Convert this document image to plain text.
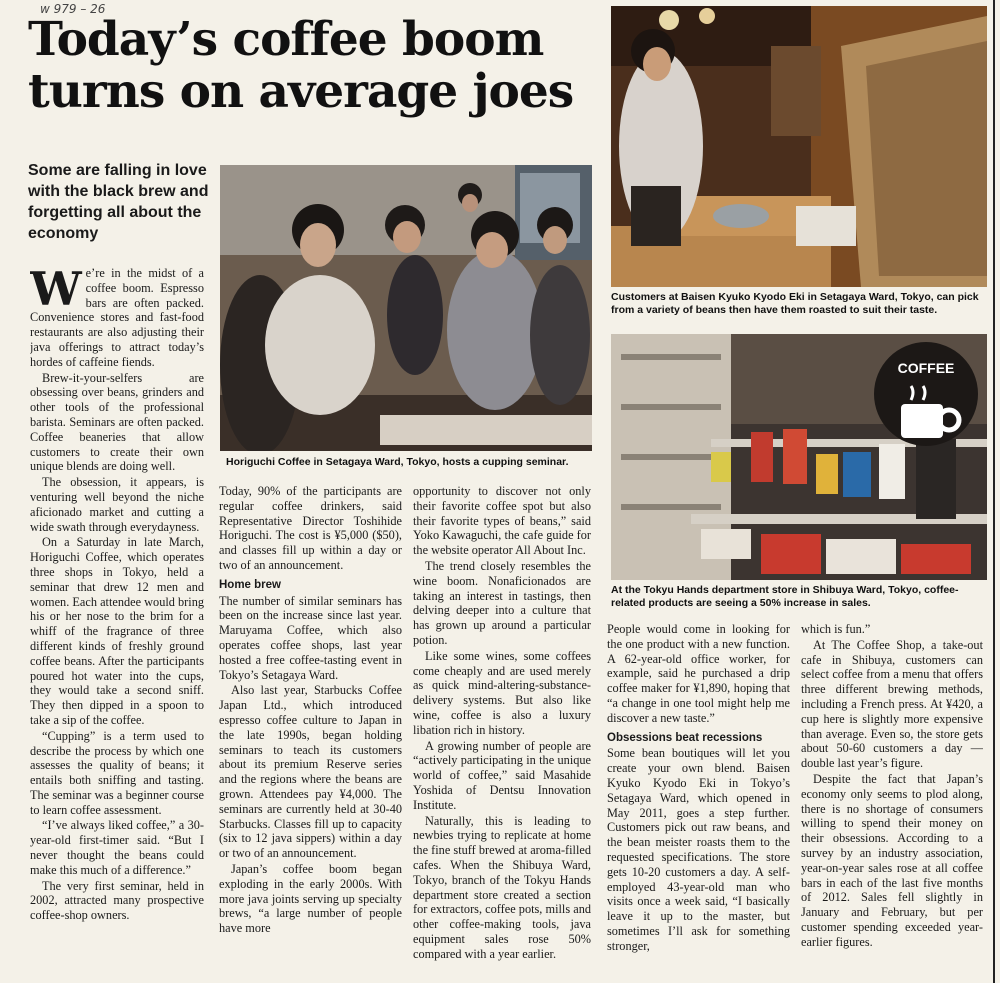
w 979 – 26
Today’s coffee boom turns on average joes
Some are falling in love with the black brew and forgetting all about the economy
Horiguchi Coffee in Setagaya Ward, Tokyo, hosts a cupping seminar.
Customers at Baisen Kyuko Kyodo Eki in Setagaya Ward, Tokyo, can pick from a variety of beans then have them roasted to suit their taste.
COFFEE
At the Tokyu Hands department store in Shibuya Ward, Tokyo, coffee-related products are seeing a 50% increase in sales.

We’re in the midst of a coffee boom. Espresso bars are often packed. Convenience stores and fast-food restaurants are also adjusting their java offerings to attract today’s hordes of caffeine fiends.

Brew-it-your-selfers are obsessing over beans, grinders and other tools of the professional barista. Seminars are often packed. Coffee beaneries that allow customers to create their own unique blends are doing well.

The obsession, it appears, is venturing well beyond the niche aficionado market and cutting a wide swath through everydayness.

On a Saturday in late March, Horiguchi Coffee, which operates three shops in Tokyo, held a seminar that drew 12 men and women. Each attendee would bring his or her nose to the brim for a whiff of the fragrance of three different kinds of freshly ground coffee beans. After the participants poured hot water into the cups, they would take a second sniff. They then dipped in a spoon to take a sip of the coffee.

“Cupping” is a term used to describe the process by which one assesses the quality of beans; it entails both sniffing and tasting. The seminar was a beginner course to learn coffee assessment.

“I’ve always liked coffee,” a 30-year-old first-timer said. “But I never thought the beans could make this much of a difference.”

The very first seminar, held in 2002, attracted many prospective coffee-shop owners.

Today, 90% of the participants are regular coffee drinkers, said Representative Director Toshihide Horiguchi. The cost is ¥5,000 ($50), and classes fill up within a day or two of an announcement.

Home brew

The number of similar seminars has been on the increase since last year. Maruyama Coffee, which also operates coffee shops, last year hosted a free coffee-tasting event in Tokyo’s Setagaya Ward.

Also last year, Starbucks Coffee Japan Ltd., which introduced espresso coffee culture to Japan in the late 1990s, began holding seminars to teach its customers about its premium Reserve series and the regions where the beans are grown. Attendees pay ¥4,000. The seminars are currently held at 30-40 Starbucks. Classes fill up to capacity (six to 12 java sippers) within a day or two of an announcement.

Japan’s coffee boom began exploding in the early 2000s. With more java joints serving up specialty brews, “a large number of people have more

opportunity to discover not only their favorite coffee spot but also their favorite types of beans,” said Yoko Kawaguchi, the cafe guide for the website operator All About Inc.

The trend closely resembles the wine boom. Nonaficionados are taking an interest in tastings, then delving deeper into a culture that has grown up around a particular potion.

Like some wines, some coffees come cheaply and are used merely as quick mind-altering-substance-delivery systems. But also like wine, coffee is also a luxury libation rich in history.

A growing number of people are “actively participating in the unique world of coffee,” said Masahide Yoshida of Dentsu Innovation Institute.

Naturally, this is leading to newbies trying to replicate at home the fine stuff brewed at aroma-filled cafes. When the Shibuya Ward, Tokyo, branch of the Tokyu Hands department store created a section for extractors, coffee pots, mills and other coffee-making tools, java equipment sales rose 50% compared with a year earlier.

People would come in looking for the one product with a new function. A 62-year-old office worker, for example, said he purchased a drip coffee maker for ¥1,890, hoping that “a change in one tool might help me discover a new taste.”

Obsessions beat recessions

Some bean boutiques will let you create your own blend. Baisen Kyuko Kyodo Eki in Tokyo’s Setagaya Ward, which opened in May 2011, goes a step further. Customers pick out raw beans, and the bean meister roasts them to the requested specifications. The store gets 10-20 customers a day. A self-employed 43-year-old man who visits once a week said, “I basically leave it up to the master, but sometimes I’ll ask for something stronger,

which is fun.”

At The Coffee Shop, a take-out cafe in Shibuya, customers can select coffee from a menu that offers three different brewing methods, including a French press. At ¥420, a cup here is slightly more expensive than average. Even so, the store gets about 50-60 customers a day — double last year’s figure.

Despite the fact that Japan’s economy only seems to plod along, there is no shortage of consumers willing to spend their money on their obsessions. According to a survey by an industry association, year-on-year sales rose at all coffee bars in each of the last five months of 2012. Sales fell slightly in January and February, but per customer spending exceeded year-earlier figures.
